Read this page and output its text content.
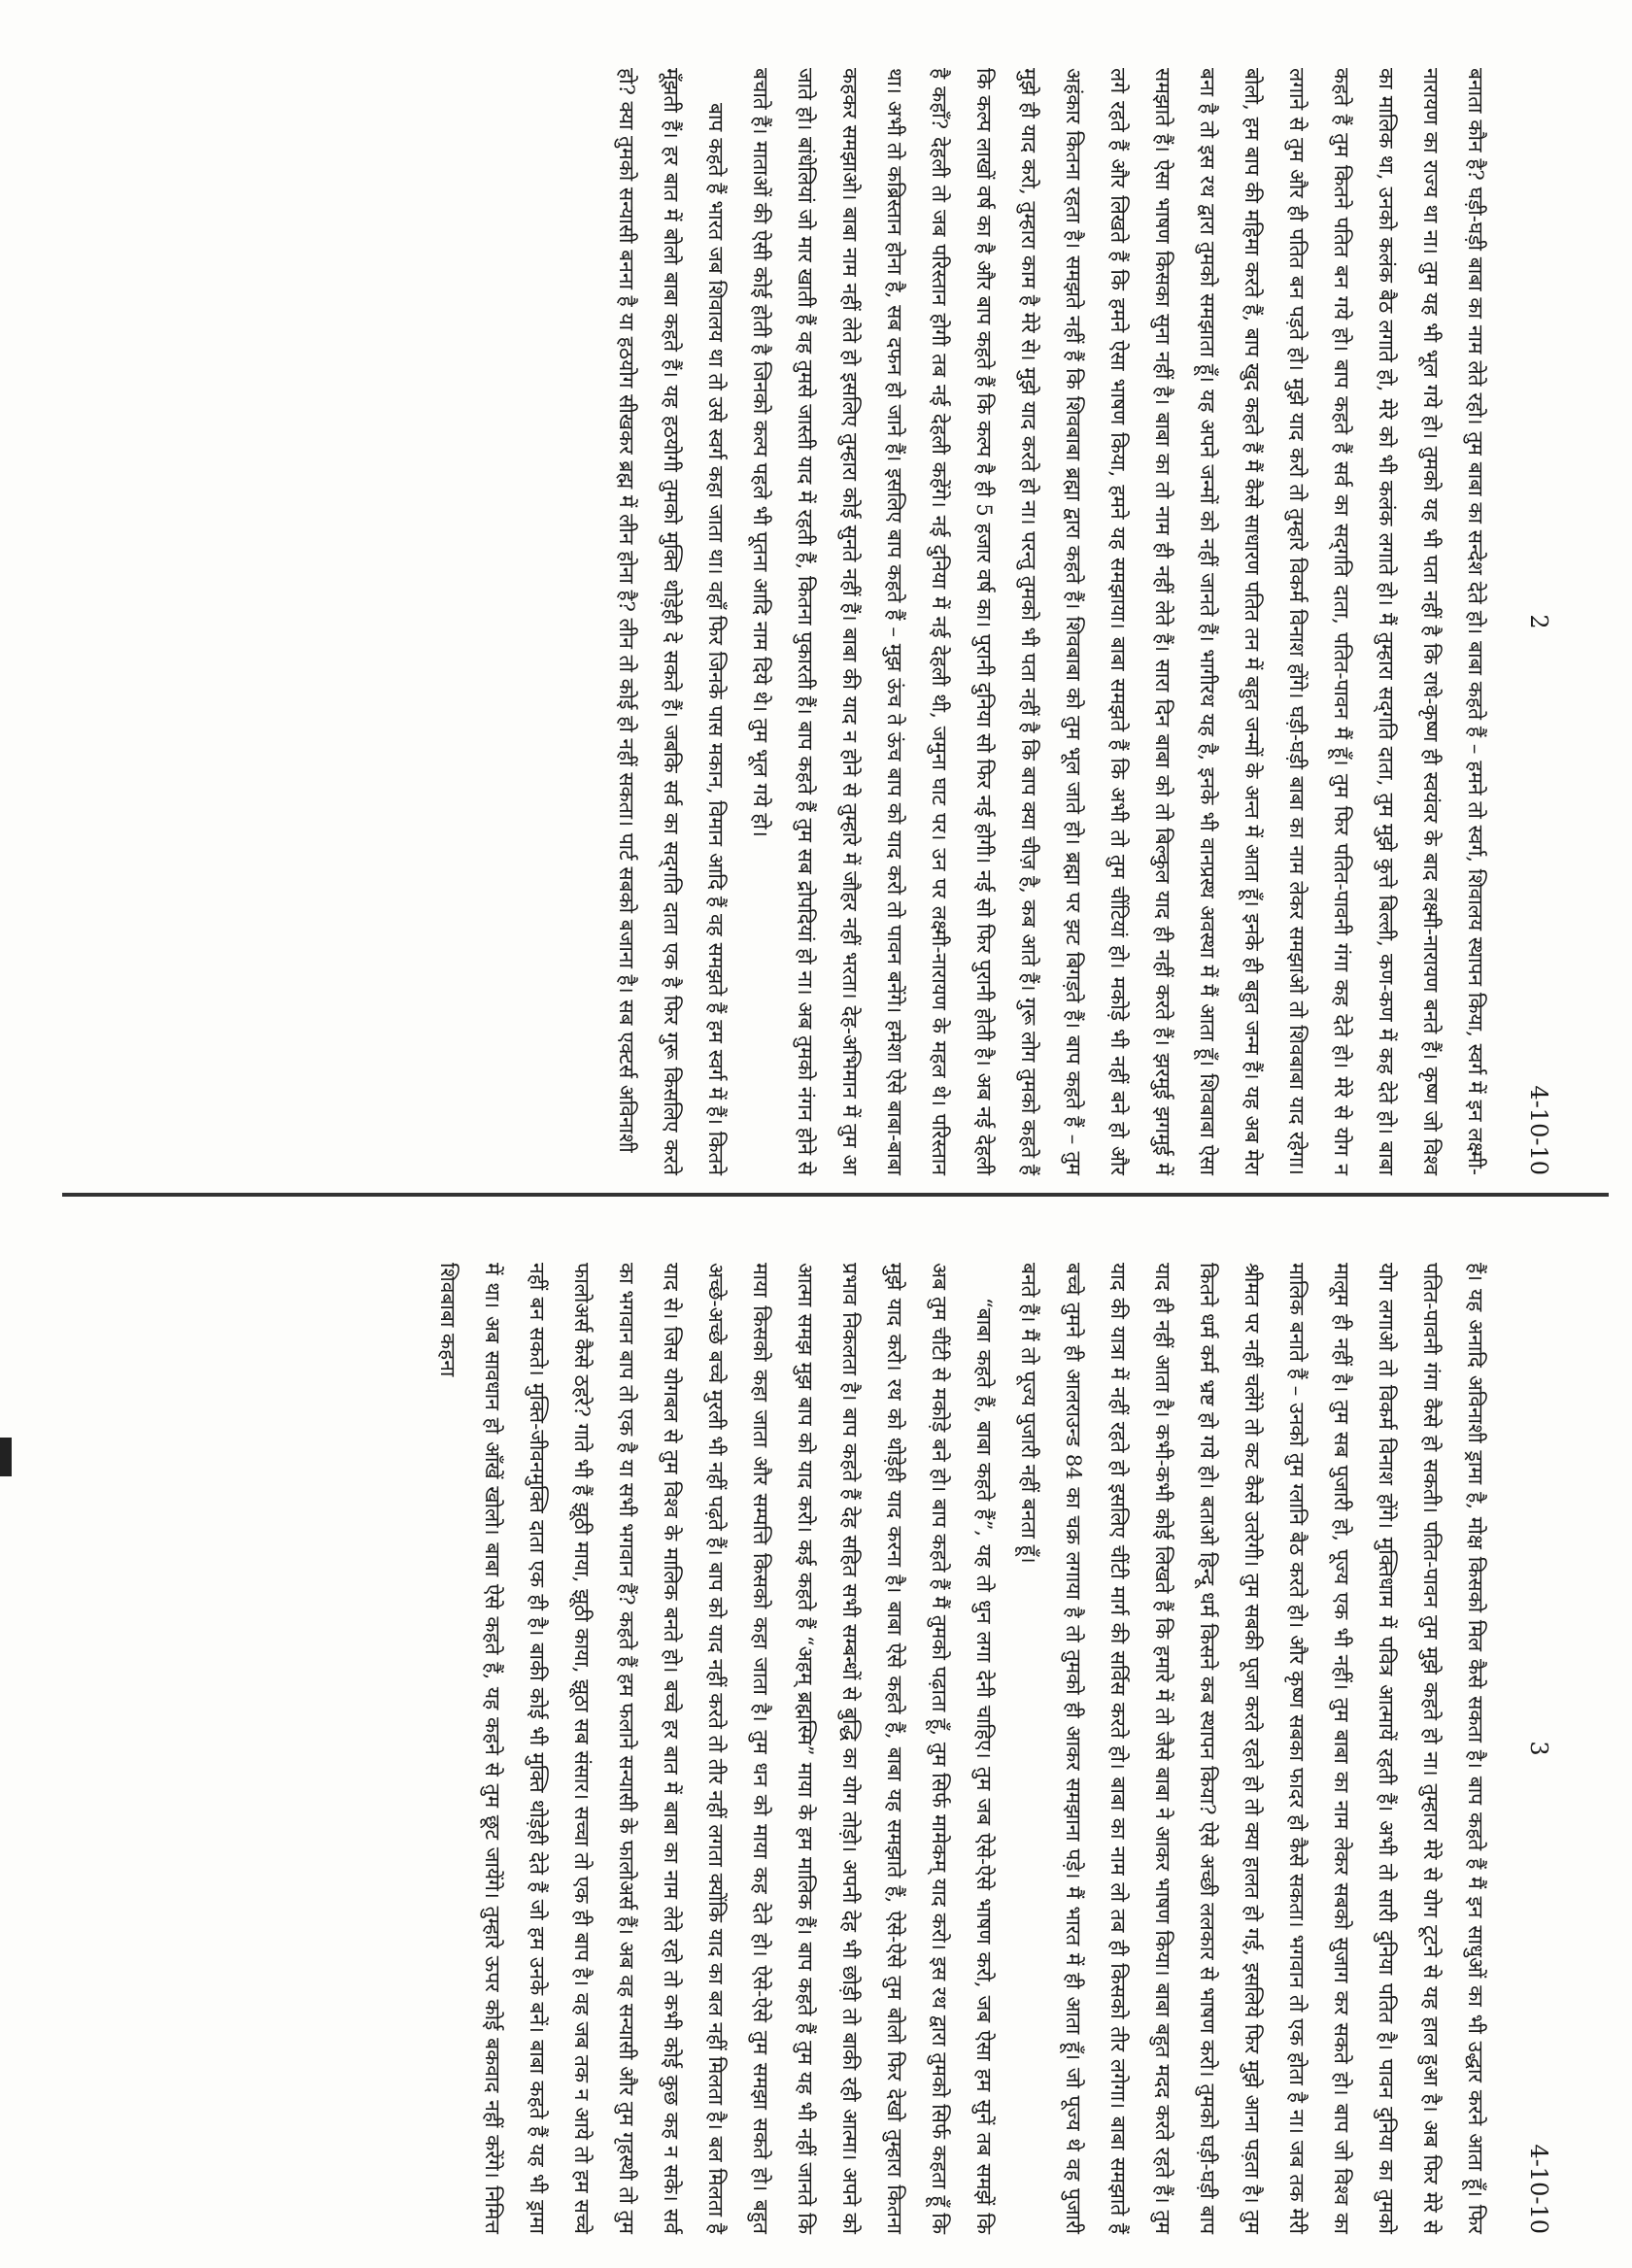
2
4-10-10

बनाता कौन है? घड़ी-घड़ी बाबा का नाम लेते रहो। तुम बाबा का सन्देश देते हो। बाबा कहते हैं – हमने तो स्वर्ग, शिवालय स्थापन किया, स्वर्ग में इन लक्ष्मी-नारायण का राज्य था ना। तुम यह भी भूल गये हो। तुमको यह भी पता नहीं है कि राधे-कृष्ण ही स्वयंवर के बाद लक्ष्मी-नारायण बनते हैं। कृष्ण जो विश्व का मालिक था, उनको कलंक बैठ लगाते हो, मेरे को भी कलंक लगाते हो। मैं तुम्हारा सद्‌गति दाता, तुम मुझे कुत्ते बिल्ली, कण-कण में कह देते हो। बाबा कहते हैं तुम कितने पतित बन गये हो। बाप कहते हैं सर्व का सद्‌गति दाता, पतित-पावन मैं हूँ। तुम फिर पतित-पावनी गंगा कह देते हो। मेरे से योग न लगाने से तुम और ही पतित बन पड़ते हो। मुझे याद करो तो तुम्हारे विकर्म विनाश होंगे। घड़ी-घड़ी बाबा का नाम लेकर समझाओ तो शिवबाबा याद रहेगा। बोलो, हम बाप की महिमा करते हैं, बाप खुद कहते हैं मैं कैसे साधारण पतित तन में बहुत जन्मों के अन्त में आता हूँ। इनके ही बहुत जन्म हैं। यह अब मेरा बना है तो इस रथ द्वारा तुमको समझाता हूँ। यह अपने जन्मों को नहीं जानते हैं। भागीरथ यह है, इनके भी वानप्रस्थ अवस्था में मैं आता हूँ। शिवबाबा ऐसा समझाते हैं। ऐसा भाषण किसका सुना नहीं है। बाबा का तो नाम ही नहीं लेते हैं। सारा दिन बाबा को तो बिल्कुल याद ही नहीं करते हैं। झरमुई झगमुई में लगे रहते हैं और लिखते हैं कि हमने ऐसा भाषण किया, हमने यह समझाया। बाबा समझते हैं कि अभी तो तुम चींटियां हो। मकोड़े भी नहीं बने हो और अहंकार कितना रहता है। समझते नहीं हैं कि शिवबाबा ब्रह्मा द्वारा कहते हैं। शिवबाबा को तुम भूल जाते हो। ब्रह्मा पर झट बिगड़ते हैं। बाप कहते हैं – तुम मुझे ही याद करो, तुम्हारा काम है मेरे से। मुझे याद करते हो ना। परन्तु तुमको भी पता नहीं है कि बाप क्या चीज़ है, कब आते हैं। गुरू लोग तुमको कहते हैं कि कल्प लाखों वर्ष का है और बाप कहते हैं कि कल्प है ही 5 हजार वर्ष का। पुरानी दुनिया सो फिर नई होगी। नई सो फिर पुरानी होती है। अब नई देहली है कहाँ? देहली तो जब परिस्तान होगी तब नई देहली कहेंगे। नई दुनिया में नई देहली थी, जमुना घाट पर। उन पर लक्ष्मी-नारायण के महल थे। परिस्तान था। अभी तो कब्रिस्तान होना है, सब दफन हो जाने हैं। इसलिए बाप कहते हैं – मुझ ऊंच ते ऊंच बाप को याद करो तो पावन बनेंगे। हमेशा ऐसे बाबा-बाबा कहकर समझाओ। बाबा नाम नहीं लेते हो इसलिए तुम्हारा कोई सुनते नहीं हैं। बाबा की याद न होने से तुम्हारे में जौहर नहीं भरता। देह-अभिमान में तुम आ जाते हो। बांधेलियां जो मार खाती हैं वह तुमसे जास्ती याद में रहती हैं, कितना पुकारती हैं। बाप कहते हैं तुम सब द्रोपदियां हो ना। अब तुमको नंगन होने से बचाते हैं। माताओं की ऐसी कोई होती है जिनको कल्प पहले भी पूतना आदि नाम दिये थे। तुम भूल गये हो।

बाप कहते हैं भारत जब शिवालय था तो उसे स्वर्ग कहा जाता था। वहाँ फिर जिनके पास मकान, विमान आदि हैं वह समझते हैं हम स्वर्ग में हैं। कितने मूँझती हैं। हर बात में बोलो बाबा कहते हैं। यह हठयोगी तुमको मुक्ति थोड़ेही दे सकते हैं। जबकि सर्व का सद्‌गति दाता एक है फिर गुरू किसलिए करते हो? क्या तुमको सन्यासी बनना है या हठयोग सीखकर ब्रह्म में लीन होना है? लीन तो कोई हो नहीं सकता। पार्ट सबको बजाना है। सब एक्टर्स अविनाशी

3
4-10-10

हैं। यह अनादि अविनाशी ड्रामा है, मोक्ष किसको मिल कैसे सकता है। बाप कहते हैं मैं इन साधुओं का भी उद्धार करने आता हूँ। फिर पतित-पावनी गंगा कैसे हो सकती। पतित-पावन तुम मुझे कहते हो ना। तुम्हारा मेरे से योग टूटने से यह हाल हुआ है। अब फिर मेरे से योग लगाओ तो विकर्म विनाश होंगे। मुक्तिधाम में पवित्र आत्मायें रहती हैं। अभी तो सारी दुनिया पतित है। पावन दुनिया का तुमको मालूम ही नहीं है। तुम सब पुजारी हो, पूज्य एक भी नहीं। तुम बाबा का नाम लेकर सबको सुजाग कर सकते हो। बाप जो विश्व का मालिक बनाते हैं – उनको तुम ग्लानि बैठ करते हो। और कृष्ण सबका फादर हो कैसे सकता। भगवान तो एक होता है ना। जब तक मेरी श्रीमत पर नहीं चलेंगे तो कट कैसे उतरेगी। तुम सबकी पूजा करते रहते हो तो क्या हालत हो गई, इसलिये फिर मुझे आना पड़ता है। तुम कितने धर्म कर्म भ्रष्ट हो गये हो। बताओ हिन्दू धर्म किसने कब स्थापन किया? ऐसे अच्छी ललकार से भाषण करो। तुमको घड़ी-घड़ी बाप याद ही नहीं आता है। कभी-कभी कोई लिखते हैं कि हमारे में तो जैसे बाबा ने आकर भाषण किया। बाबा बहुत मदद करते रहते हैं। तुम याद की यात्रा में नहीं रहते हो इसलिए चींटी मार्ग की सर्विस करते हो। बाबा का नाम लो तब ही किसको तीर लगेगा। बाबा समझाते हैं बच्चे तुमने ही आलराउन्ड 84 का चक्र लगाया है तो तुमको ही आकर समझाना पड़े। मैं भारत में ही आता हूँ। जो पूज्य थे वह पुजारी बनते हैं। मैं तो पूज्य पुजारी नहीं बनता हूँ।

“बाबा कहते हैं, बाबा कहते हैं”, यह तो धुन लगा देनी चाहिए। तुम जब ऐसे-ऐसे भाषण करो, जब ऐसा हम सुनें तब समझें कि अब तुम चींटी से मकोड़े बने हो। बाप कहते हैं मैं तुमको पढ़ाता हूँ, तुम सिर्फ मामेकम् याद करो। इस रथ द्वारा तुमको सिर्फ कहता हूँ कि मुझे याद करो। रथ को थोड़ेही याद करना है। बाबा ऐसे कहते हैं, बाबा यह समझाते हैं, ऐसे-ऐसे तुम बोलो फिर देखो तुम्हारा कितना प्रभाव निकलता है। बाप कहते हैं देह सहित सभी सम्बन्धों से बुद्धि का योग तोड़ो। अपनी देह भी छोड़ी तो बाकी रही आत्मा। अपने को आत्मा समझ मुझ बाप को याद करो। कई कहते हैं “अहम् ब्रह्मस्मि” माया के हम मालिक हैं। बाप कहते हैं तुम यह भी नहीं जानते कि माया किसको कहा जाता और सम्पत्ति किसको कहा जाता है। तुम धन को माया कह देते हो। ऐसे-ऐसे तुम समझा सकते हो। बहुत अच्छे-अच्छे बच्चे मुरली भी नहीं पढ़ते हैं। बाप को याद नहीं करते तो तीर नहीं लगता क्योंकि याद का बल नहीं मिलता है। बल मिलता है याद से। जिस योगबल से तुम विश्व के मालिक बनते हो। बच्चे हर बात में बाबा का नाम लेते रहो तो कभी कोई कुछ कह न सके। सर्व का भगवान बाप तो एक है या सभी भगवान हैं? कहते हैं हम फलाने सन्यासी के फालोअर्स हैं। अब वह सन्यासी और तुम गृहस्थी तो तुम फालोअर्स कैसे ठहरे? गाते भी हैं झूठी माया, झूठी काया, झूठा सब संसार। सच्चा तो एक ही बाप है। वह जब तक न आये तो हम सच्चे नहीं बन सकते। मुक्ति-जीवनमुक्ति दाता एक ही है। बाकी कोई भी मुक्ति थोड़ेही देते हैं जो हम उनके बनें। बाबा कहते हैं यह भी ड्रामा में था। अब सावधान हो आँखें खोलो। बाबा ऐसे कहते हैं, यह कहने से तुम छूट जायेंगे। तुम्हारे ऊपर कोई बकवाद नहीं करेंगे। निमित्त शिवबाबा कहना
